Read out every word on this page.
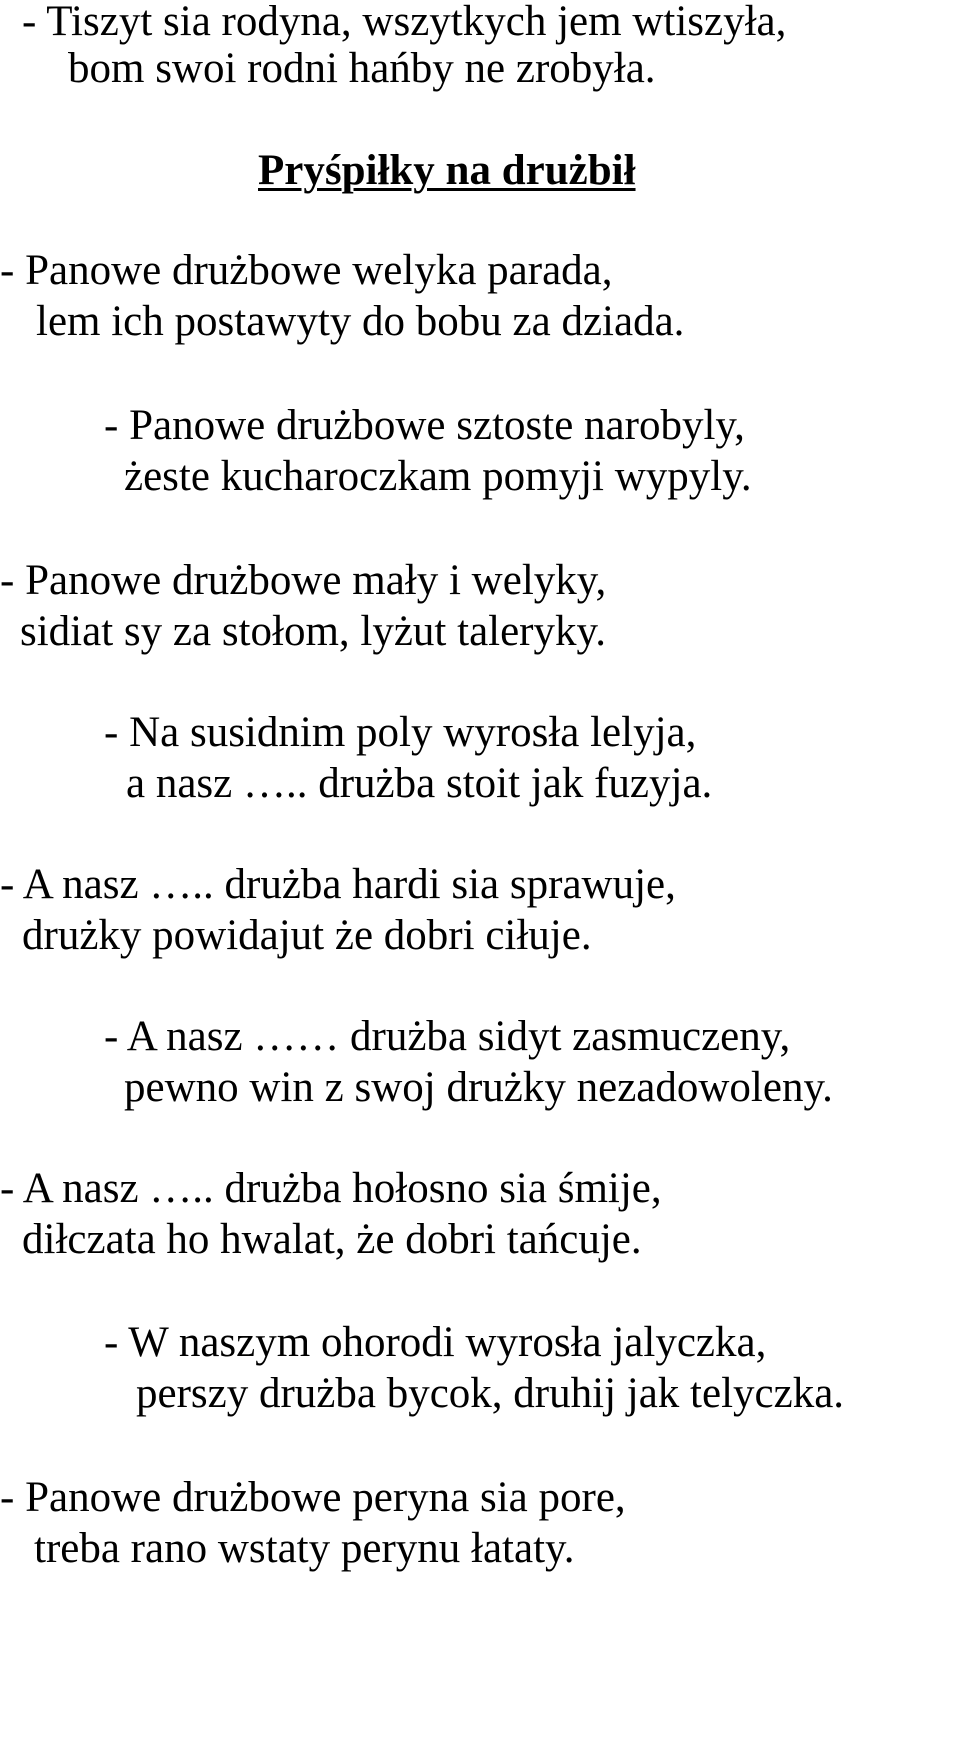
- Tiszyt sia rodyna, wszytkych jem wtiszyła,

bom swoi rodni hańby ne zrobyła.

Pryśpiłky na drużbił

- Panowe drużbowe welyka parada,

lem ich postawyty do bobu za dziada.

- Panowe drużbowe sztoste narobyly,

żeste kucharoczkam pomyji wypyly.

- Panowe drużbowe mały i welyky,

sidiat sy za stołom, lyżut taleryky.

- Na susidnim poly wyrosła lelyja,

a nasz ….. drużba stoit jak fuzyja.

- A nasz ….. drużba hardi sia sprawuje,

drużky powidajut że dobri ciłuje.

- A nasz …… drużba sidyt zasmuczeny,

pewno win z swoj drużky nezadowoleny.

- A nasz ….. drużba hołosno sia śmije,

diłczata ho hwalat, że dobri tańcuje.

- W naszym ohorodi wyrosła jalyczka,

perszy drużba bycok, druhij jak telyczka.

- Panowe drużbowe peryna sia pore,

treba rano wstaty perynu łataty.
